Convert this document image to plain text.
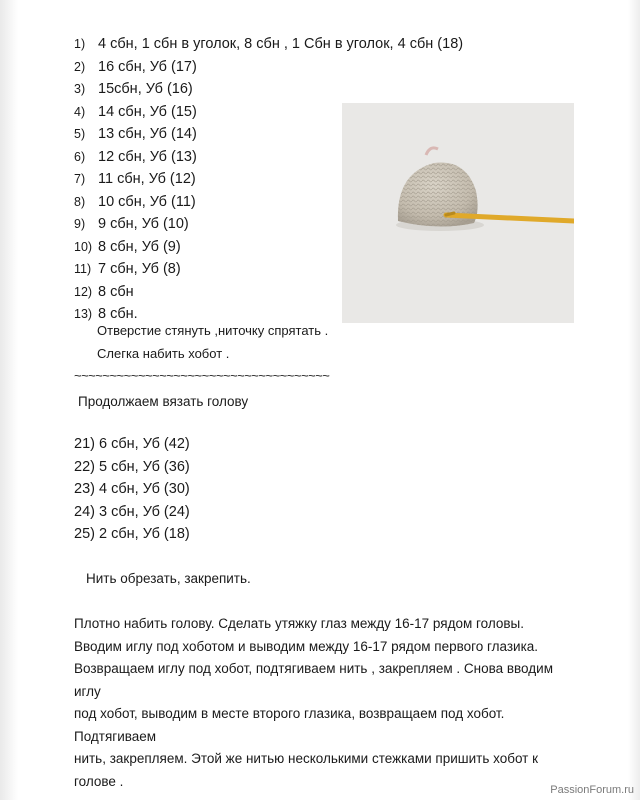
1) 4 сбн, 1 сбн в уголок, 8 сбн , 1 Сбн в уголок, 4 сбн (18)
2) 16 сбн, Уб (17)
3) 15сбн, Уб (16)
4) 14 сбн, Уб (15)
5) 13 сбн, Уб (14)
6) 12 сбн, Уб (13)
7) 11 сбн, Уб (12)
8) 10 сбн, Уб (11)
9) 9 сбн, Уб (10)
10) 8 сбн, Уб (9)
11) 7 сбн, Уб (8)
12) 8 сбн
13) 8 сбн.
Отверстие стянуть ,ниточку спрятать .
Слегка набить хобот .
~~~~~~~~~~~~~~~~~~~~~~~~~~~~~~~~~~~~
Продолжаем вязать голову
21) 6 сбн, Уб (42)
22) 5 сбн, Уб (36)
23) 4 сбн, Уб (30)
24) 3 сбн, Уб (24)
25) 2 сбн, Уб (18)
Нить обрезать, закрепить.
Плотно набить голову. Сделать утяжку глаз между 16-17 рядом головы.
Вводим иглу под хоботом и выводим между 16-17 рядом первого глазика.
Возвращаем иглу под хобот, подтягиваем нить , закрепляем . Снова вводим иглу
под хобот, выводим в месте второго глазика, возвращаем под хобот. Подтягиваем
нить, закрепляем. Этой же нитью несколькими стежками пришить хобот к
голове .
PassionForum.ru
